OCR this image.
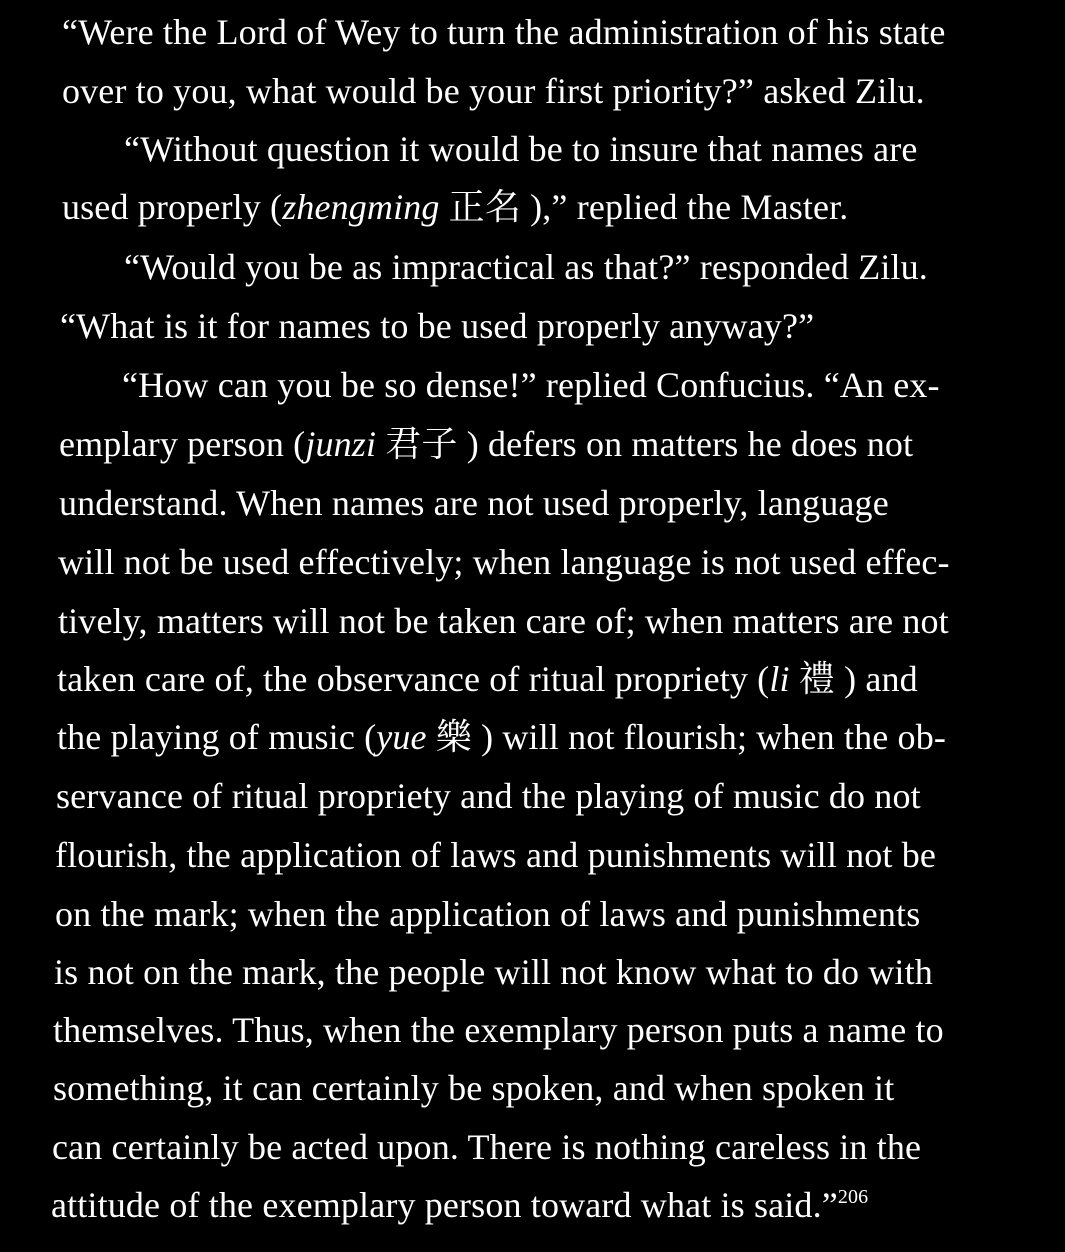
“Were the Lord of Wey to turn the administration of his state
over to you, what would be your first priority?” asked Zilu.
“Without question it would be to insure that names are
used properly (zhengming 正名 ),” replied the Master.
“Would you be as impractical as that?” responded Zilu.
“What is it for names to be used properly anyway?”
“How can you be so dense!” replied Confucius. “An ex-
emplary person (junzi 君子 ) defers on matters he does not
understand. When names are not used properly, language
will not be used effectively; when language is not used effec-
tively, matters will not be taken care of; when matters are not
taken care of, the observance of ritual propriety (li 禮 ) and
the playing of music (yue 樂 ) will not flourish; when the ob-
servance of ritual propriety and the playing of music do not
flourish, the application of laws and punishments will not be
on the mark; when the application of laws and punishments
is not on the mark, the people will not know what to do with
themselves. Thus, when the exemplary person puts a name to
something, it can certainly be spoken, and when spoken it
can certainly be acted upon. There is nothing careless in the
attitude of the exemplary person toward what is said.”$^{206}$
